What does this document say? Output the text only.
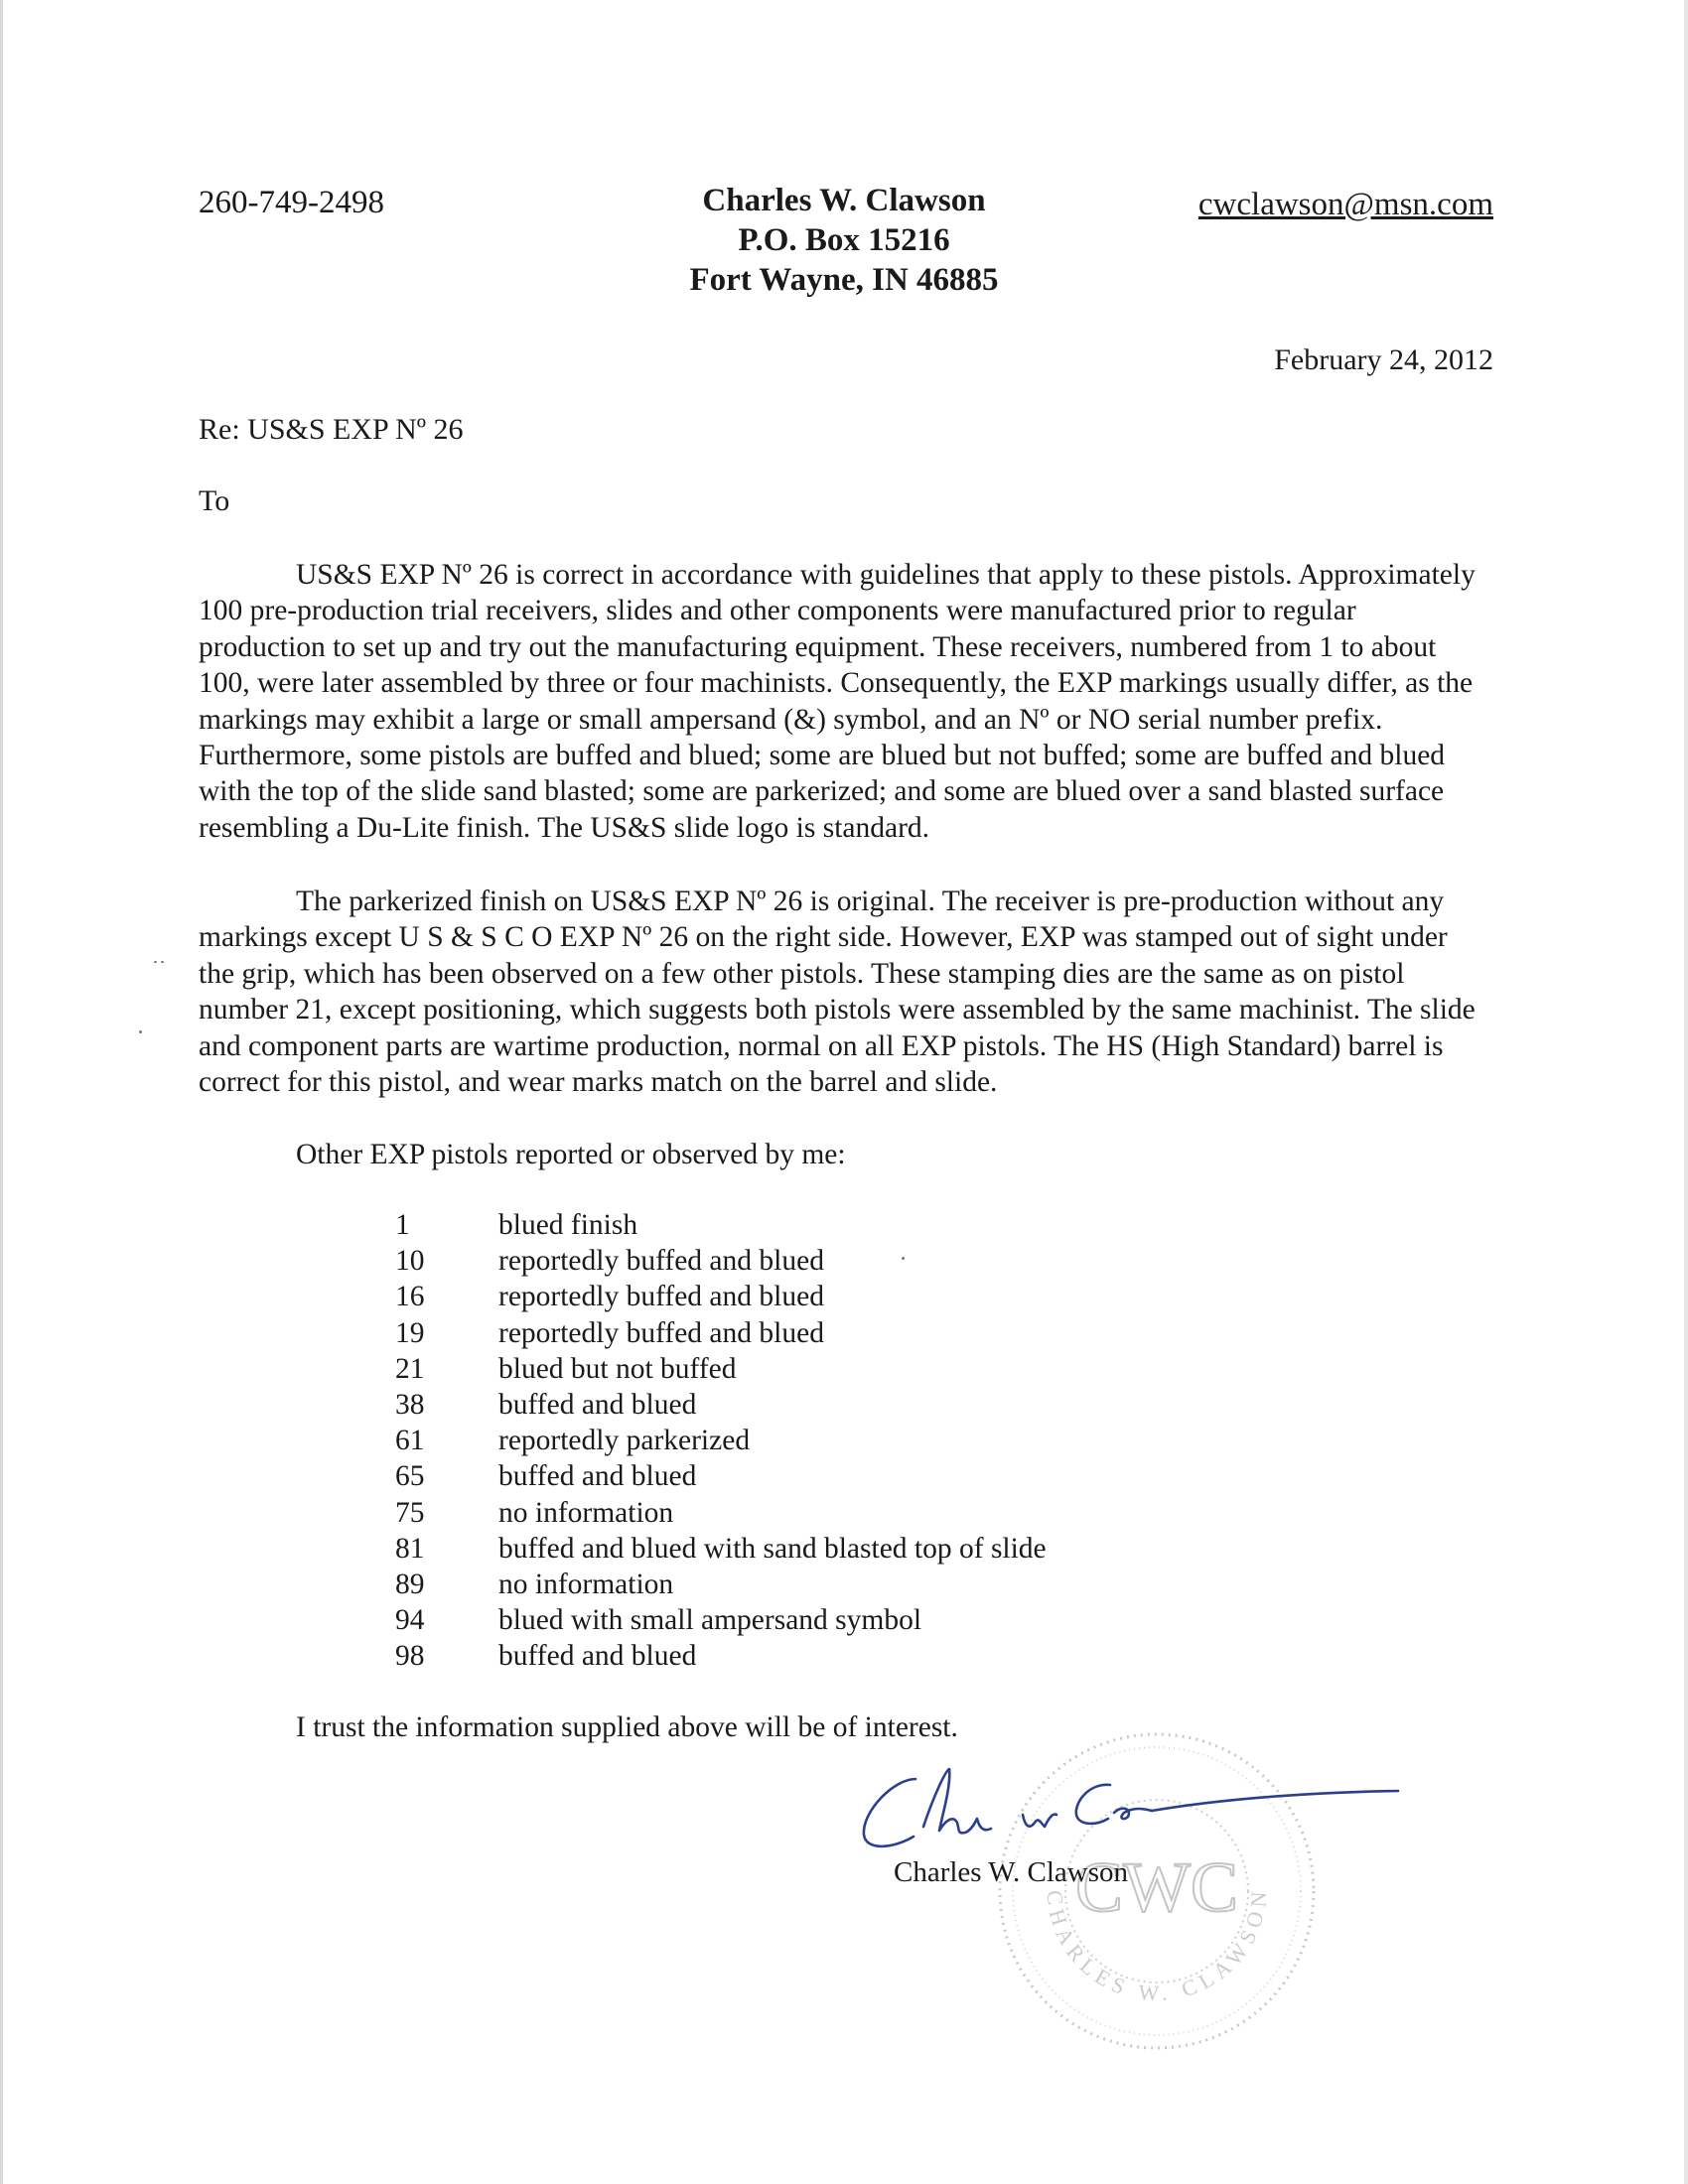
260-749-2498	Charles W. Clawson
P.O. Box 15216
Fort Wayne, IN 46885
cwclawson@msn.com
February 24, 2012
Re: US&S EXP Nº 26
To

US&S EXP Nº 26 is correct in accordance with guidelines that apply to these pistols. Approximately 100 pre-production trial receivers, slides and other components were manufactured prior to regular production to set up and try out the manufacturing equipment. These receivers, numbered from 1 to about 100, were later assembled by three or four machinists. Consequently, the EXP markings usually differ, as the markings may exhibit a large or small ampersand (&) symbol, and an Nº or NO serial number prefix. Furthermore, some pistols are buffed and blued; some are blued but not buffed; some are buffed and blued with the top of the slide sand blasted; some are parkerized; and some are blued over a sand blasted surface resembling a Du-Lite finish. The US&S slide logo is standard.

The parkerized finish on US&S EXP Nº 26 is original. The receiver is pre-production without any markings except U S & S C O EXP Nº 26 on the right side. However, EXP was stamped out of sight under the grip, which has been observed on a few other pistols. These stamping dies are the same as on pistol number 21, except positioning, which suggests both pistols were assembled by the same machinist. The slide and component parts are wartime production, normal on all EXP pistols. The HS (High Standard) barrel is correct for this pistol, and wear marks match on the barrel and slide.

Other EXP pistols reported or observed by me:

1	blued finish
10	reportedly buffed and blued
16	reportedly buffed and blued
19	reportedly buffed and blued
21	blued but not buffed
38	buffed and blued
61	reportedly parkerized
65	buffed and blued
75	no information
81	buffed and blued with sand blasted top of slide
89	no information
94	blued with small ampersand symbol
98	buffed and blued
I trust the information supplied above will be of interest.
CWC
CHARLES W. CLAWSON
Charles W. Clawson
